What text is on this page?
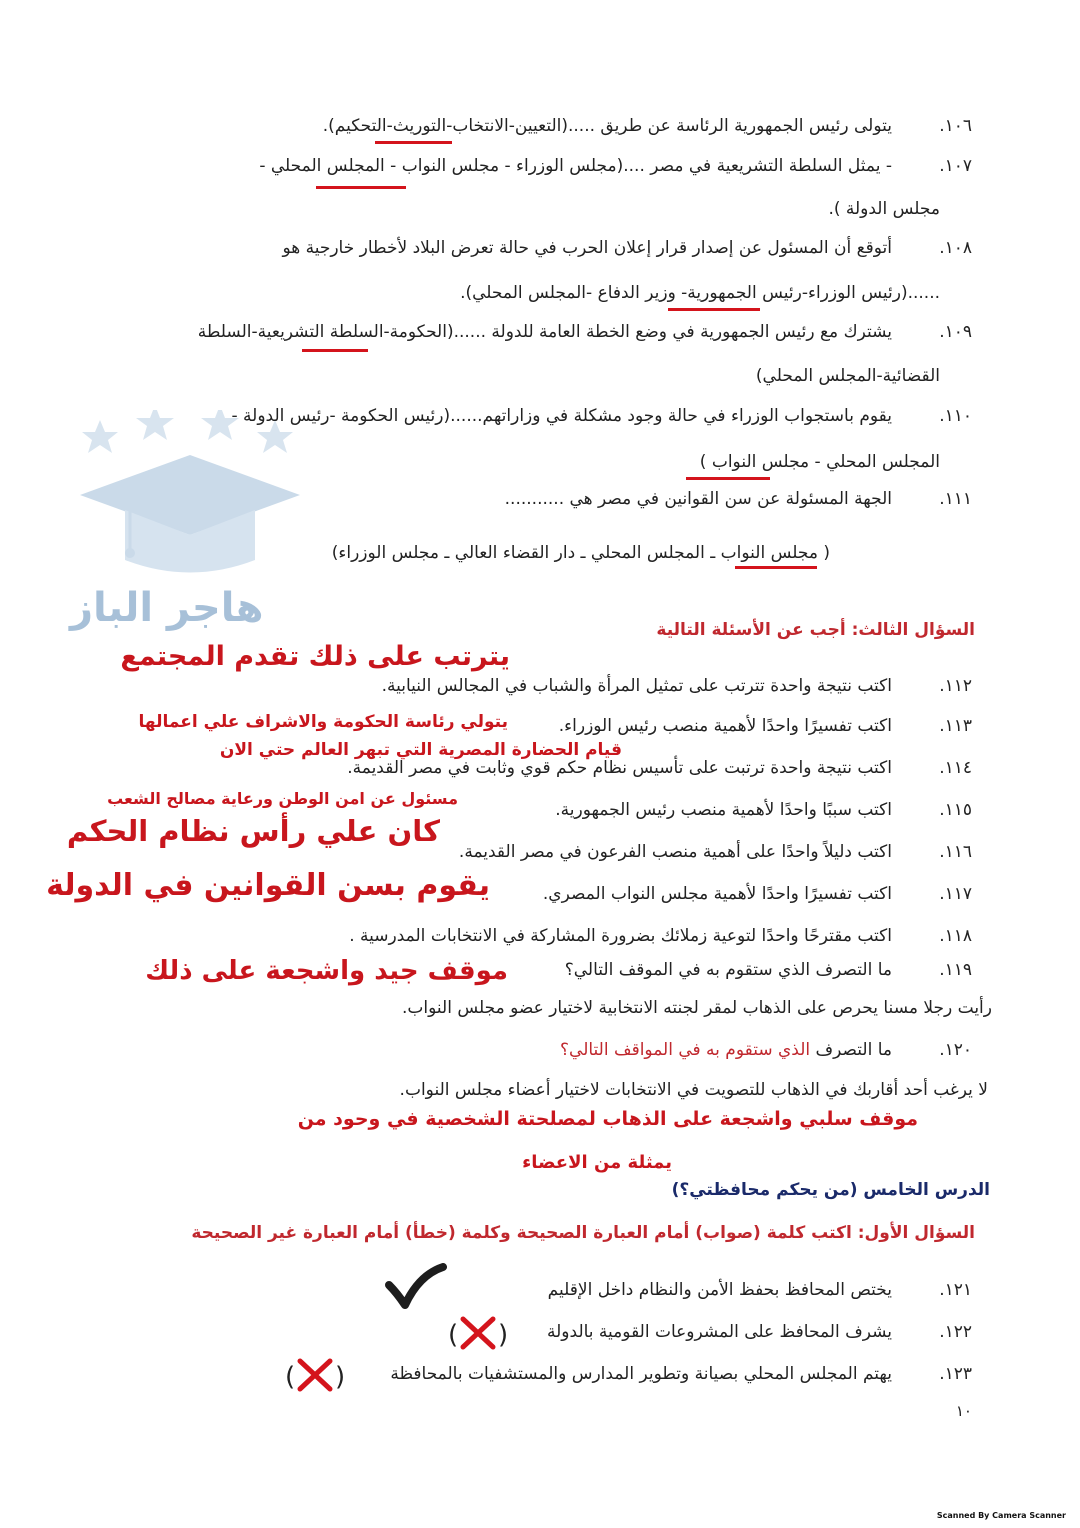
هاجر الباز
١٠٦.
يتولى رئيس الجمهورية الرئاسة عن طريق .....(التعيين-الانتخاب-التوريث-التحكيم).
١٠٧.
- يمثل السلطة التشريعية في مصر ....(مجلس الوزراء - مجلس النواب - المجلس المحلي -
مجلس الدولة ).
١٠٨.
أتوقع أن المسئول عن إصدار قرار إعلان الحرب في حالة تعرض البلاد لأخطار خارجية هو
......(رئيس الوزراء-رئيس الجمهورية- وزير الدفاع -المجلس المحلي).
١٠٩.
يشترك مع رئيس الجمهورية في وضع الخطة العامة للدولة ......(الحكومة-السلطة التشريعية-السلطة
القضائية-المجلس المحلي)
١١٠.
يقوم باستجواب الوزراء في حالة وجود مشكلة في وزاراتهم......(رئيس الحكومة -رئيس الدولة -
المجلس المحلي - مجلس النواب )
١١١.
الجهة المسئولة عن سن القوانين في مصر هي ...........
( مجلس النواب ـ المجلس المحلي ـ دار القضاء العالي ـ مجلس الوزراء)
السؤال الثالث: أجب عن الأسئلة التالية
يترتب على ذلك تقدم المجتمع
١١٢.
اكتب نتيجة واحدة تترتب على تمثيل المرأة والشباب في المجالس النيابية.
١١٣.
اكتب تفسيرًا واحدًا لأهمية منصب رئيس الوزراء.
يتولي رئاسة الحكومة والاشراف علي اعمالها
قيام الحضارة المصرية التي تبهر العالم حتي الان
١١٤.
اكتب نتيجة واحدة ترتبت على تأسيس نظام حكم قوي وثابت في مصر القديمة.
مسئول عن امن الوطن ورعاية مصالح الشعب
١١٥.
اكتب سببًا واحدًا لأهمية منصب رئيس الجمهورية.
كان علي رأس نظام الحكم
١١٦.
اكتب دليلاً واحدًا على أهمية منصب الفرعون في مصر القديمة.
١١٧.
اكتب تفسيرًا واحدًا لأهمية مجلس النواب المصري.
يقوم بسن القوانين في الدولة
١١٨.
اكتب مقترحًا واحدًا لتوعية زملائك بضرورة المشاركة في الانتخابات المدرسية .
١١٩.
ما التصرف الذي ستقوم به في الموقف التالي؟
موقف جيد واشجعة على ذلك
رأيت رجلا مسنا يحرص على الذهاب لمقر لجنته الانتخابية لاختيار عضو مجلس النواب.
١٢٠.
ما التصرف الذي ستقوم به في المواقف التالي؟
لا يرغب أحد أقاربك في الذهاب للتصويت في الانتخابات لاختيار أعضاء مجلس النواب.
موقف سلبي واشجعة على الذهاب لمصلحتة الشخصية في وحود من
يمثلة من الاعضاء
الدرس الخامس (من يحكم محافظتي؟)
السؤال الأول: اكتب كلمة (صواب) أمام العبارة الصحيحة وكلمة (خطأ) أمام العبارة غير الصحيحة
١٢١.
يختص المحافظ بحفظ الأمن والنظام داخل الإقليم
١٢٢.
يشرف المحافظ على المشروعات القومية بالدولة
( )
١٢٣.
يهتم المجلس المحلي بصيانة وتطوير المدارس والمستشفيات بالمحافظة
( )
١٠
Scanned By Camera Scanner
